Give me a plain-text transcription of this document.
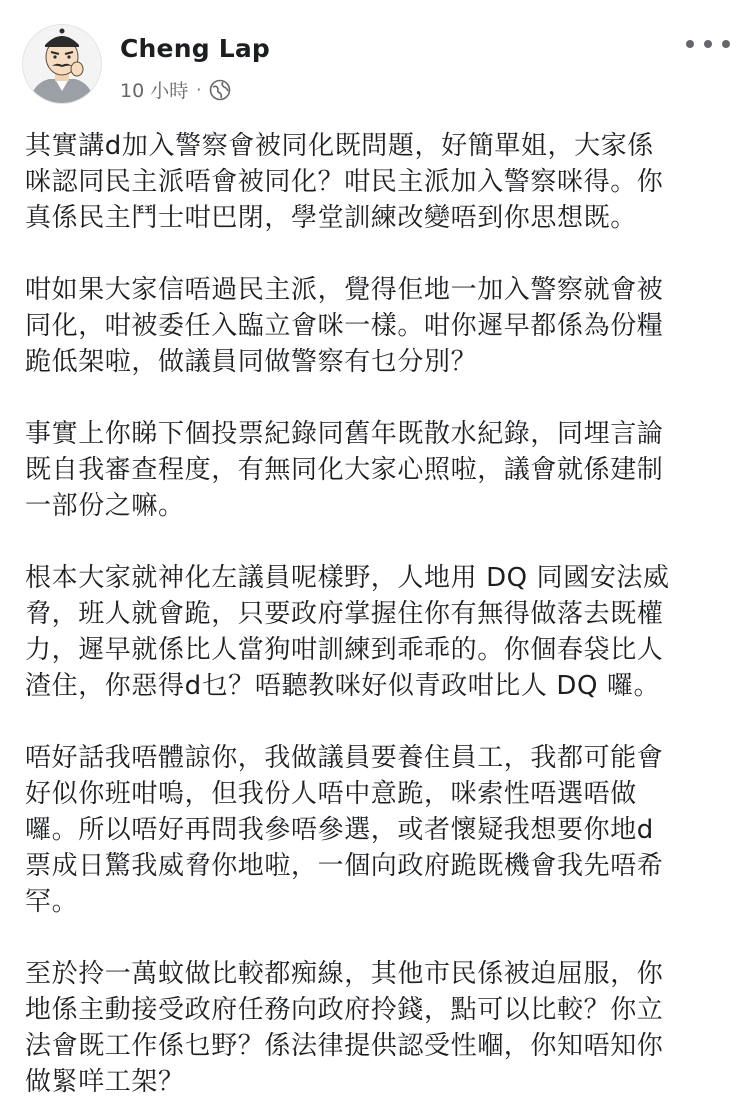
Cheng Lap
10 小時 ·

其實講d加入警察會被同化既問題，好簡單姐，大家係
咪認同民主派唔會被同化？咁民主派加入警察咪得。你
真係民主鬥士咁巴閉，學堂訓練改變唔到你思想既。

咁如果大家信唔過民主派，覺得佢地一加入警察就會被
同化，咁被委任入臨立會咪一樣。咁你遲早都係為份糧
跪低架啦，做議員同做警察有乜分別？

事實上你睇下個投票紀錄同舊年既散水紀錄，同埋言論
既自我審查程度，有無同化大家心照啦，議會就係建制
一部份之嘛。

根本大家就神化左議員呢樣野，人地用 DQ 同國安法威
脅，班人就會跪，只要政府掌握住你有無得做落去既權
力，遲早就係比人當狗咁訓練到乖乖的。你個春袋比人
渣住，你惡得d乜？唔聽教咪好似青政咁比人 DQ 囉。

唔好話我唔體諒你，我做議員要養住員工，我都可能會
好似你班咁嗚，但我份人唔中意跪，咪索性唔選唔做
囉。所以唔好再問我參唔參選，或者懷疑我想要你地d
票成日驚我威脅你地啦，一個向政府跪既機會我先唔希
罕。

至於拎一萬蚊做比較都痴線，其他市民係被迫屈服，你
地係主動接受政府任務向政府拎錢，點可以比較？你立
法會既工作係乜野？係法律提供認受性嗰，你知唔知你
做緊咩工架？
